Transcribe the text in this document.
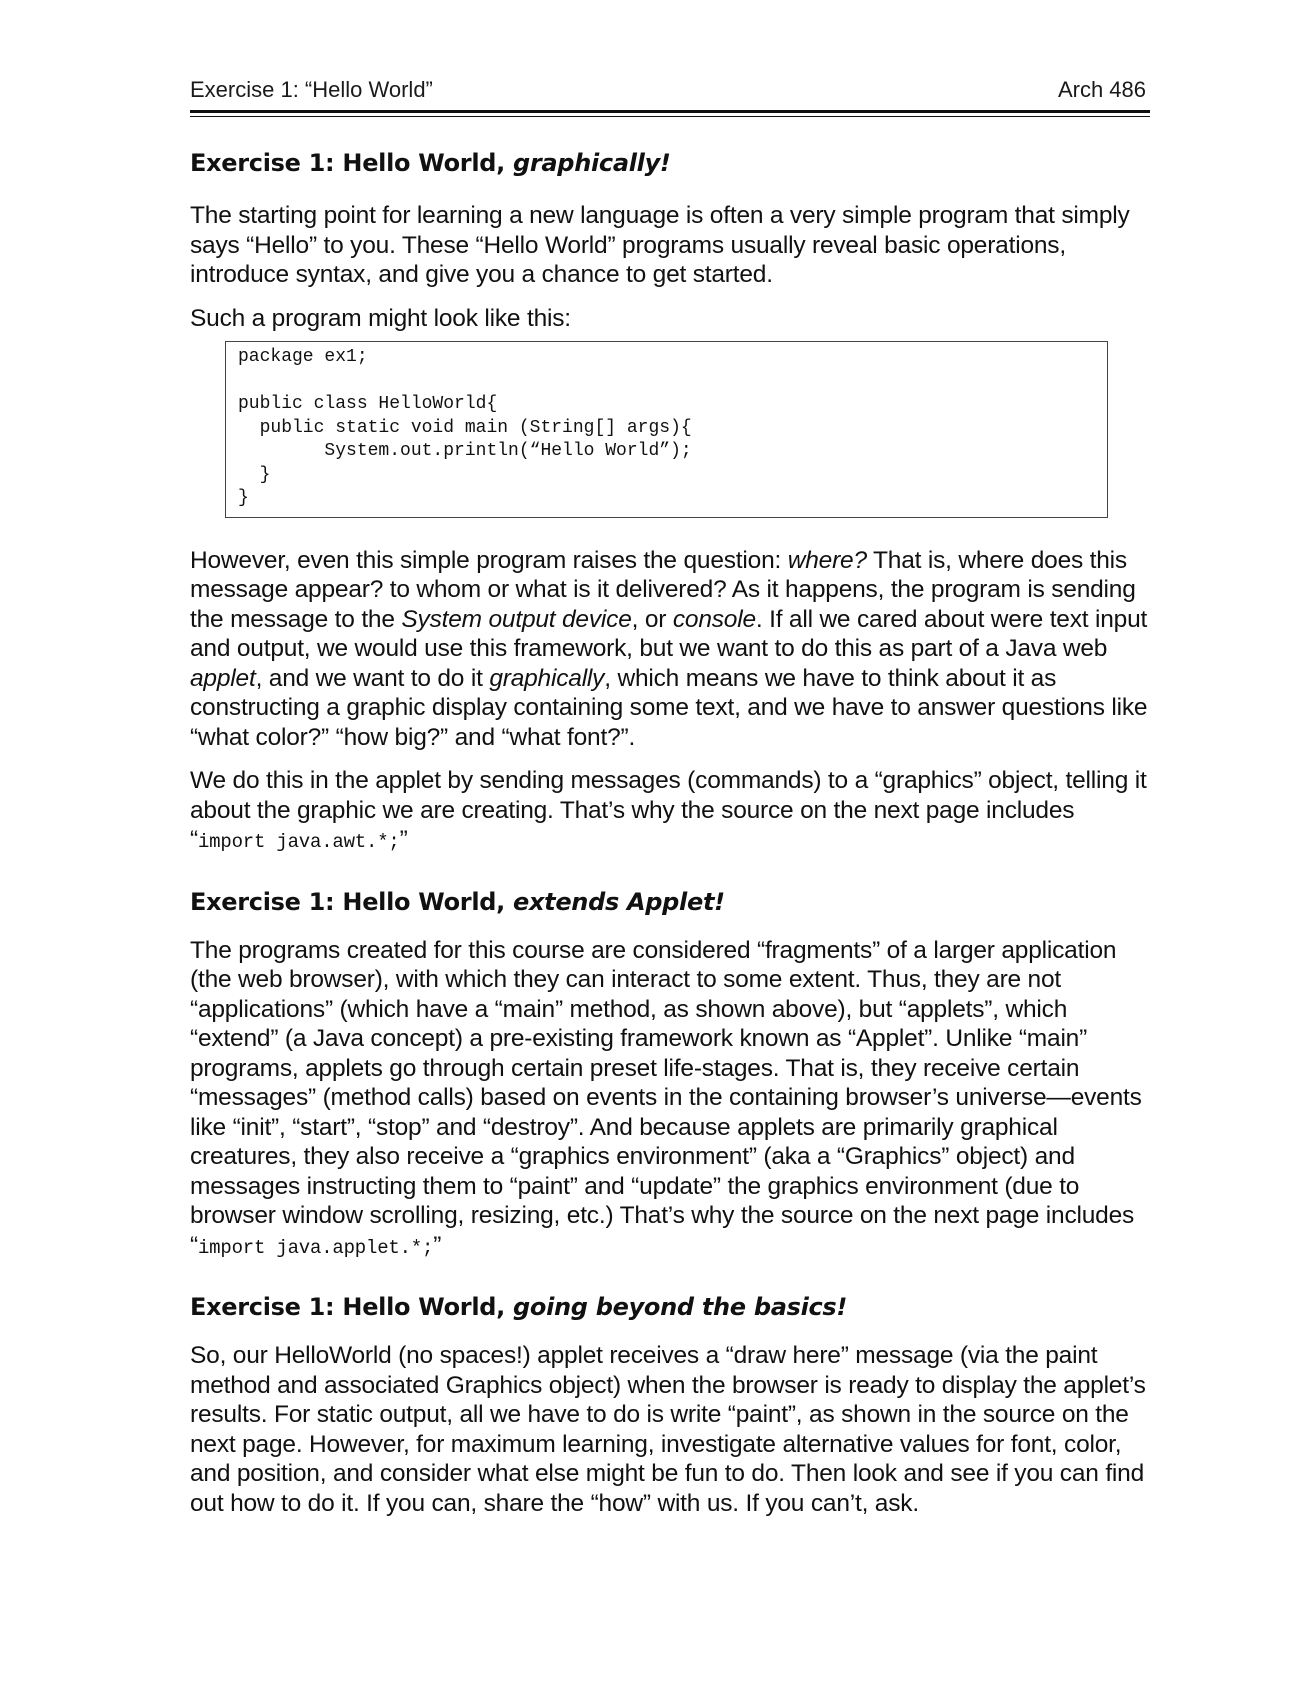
Exercise 1: “Hello World”	Arch 486
Exercise 1: Hello World, graphically!

The starting point for learning a new language is often a very simple program that simply says “Hello” to you. These “Hello World” programs usually reveal basic operations, introduce syntax, and give you a chance to get started.

Such a program might look like this:

package ex1;

public class HelloWorld{
public static void main (String[] args){
System.out.println(“Hello World”);
}
}

However, even this simple program raises the question: where? That is, where does this message appear? to whom or what is it delivered? As it happens, the program is sending the message to the System output device, or console. If all we cared about were text input and output, we would use this framework, but we want to do this as part of a Java web applet, and we want to do it graphically, which means we have to think about it as constructing a graphic display containing some text, and we have to answer questions like “what color?” “how big?” and “what font?”.

We do this in the applet by sending messages (commands) to a “graphics” object, telling it about the graphic we are creating. That’s why the source on the next page includes “import java.awt.*;”

Exercise 1: Hello World, extends Applet!

The programs created for this course are considered “fragments” of a larger application (the web browser), with which they can interact to some extent. Thus, they are not “applications” (which have a “main” method, as shown above), but “applets”, which “extend” (a Java concept) a pre-existing framework known as “Applet”. Unlike “main” programs, applets go through certain preset life-stages. That is, they receive certain “messages” (method calls) based on events in the containing browser’s universe—events like “init”, “start”, “stop” and “destroy”. And because applets are primarily graphical creatures, they also receive a “graphics environment” (aka a “Graphics” object) and messages instructing them to “paint” and “update” the graphics environment (due to browser window scrolling, resizing, etc.) That’s why the source on the next page includes “import java.applet.*;”

Exercise 1: Hello World, going beyond the basics!

So, our HelloWorld (no spaces!) applet receives a “draw here” message (via the paint method and associated Graphics object) when the browser is ready to display the applet’s results. For static output, all we have to do is write “paint”, as shown in the source on the next page. However, for maximum learning, investigate alternative values for font, color, and position, and consider what else might be fun to do. Then look and see if you can find out how to do it. If you can, share the “how” with us. If you can’t, ask.
